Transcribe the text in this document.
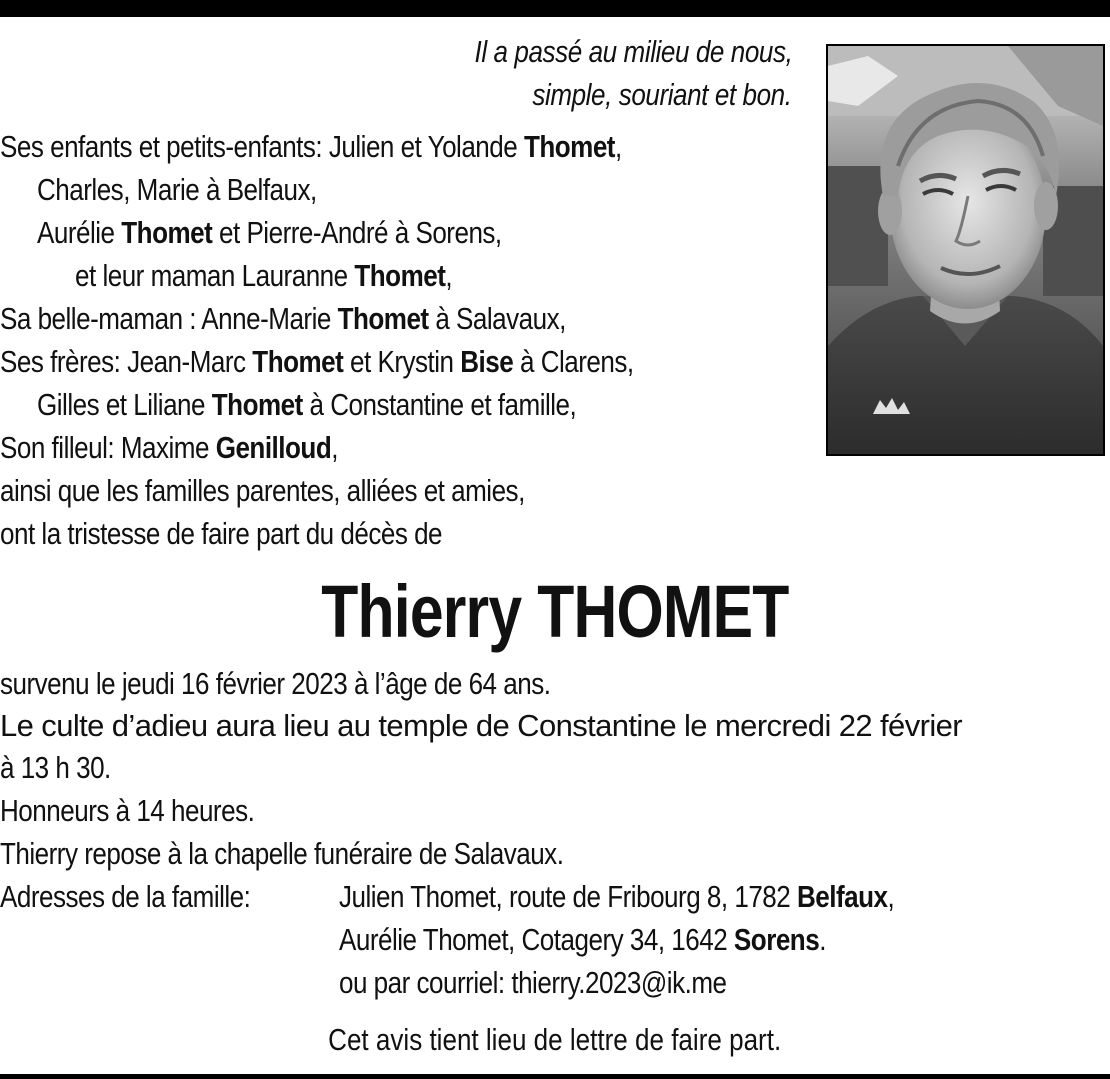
Il a passé au milieu de nous,
simple, souriant et bon.
Ses enfants et petits-enfants: Julien et Yolande Thomet,
Charles, Marie à Belfaux,
Aurélie Thomet et Pierre-André à Sorens,
et leur maman Lauranne Thomet,
Sa belle-maman : Anne-Marie Thomet à Salavaux,
Ses frères: Jean-Marc Thomet et Krystin Bise à Clarens,
Gilles et Liliane Thomet à Constantine et famille,
Son filleul: Maxime Genilloud,
ainsi que les familles parentes, alliées et amies,
ont la tristesse de faire part du décès de
Thierry THOMET
survenu le jeudi 16 février 2023 à l’âge de 64 ans.
Le culte d’adieu aura lieu au temple de Constantine le mercredi 22 février
à 13 h 30.
Honneurs à 14 heures.
Thierry repose à la chapelle funéraire de Salavaux.
Adresses de la famille:	Julien Thomet, route de Fribourg 8, 1782 Belfaux,
Aurélie Thomet, Cotagery 34, 1642 Sorens.
ou par courriel: thierry.2023@ik.me
Cet avis tient lieu de lettre de faire part.
